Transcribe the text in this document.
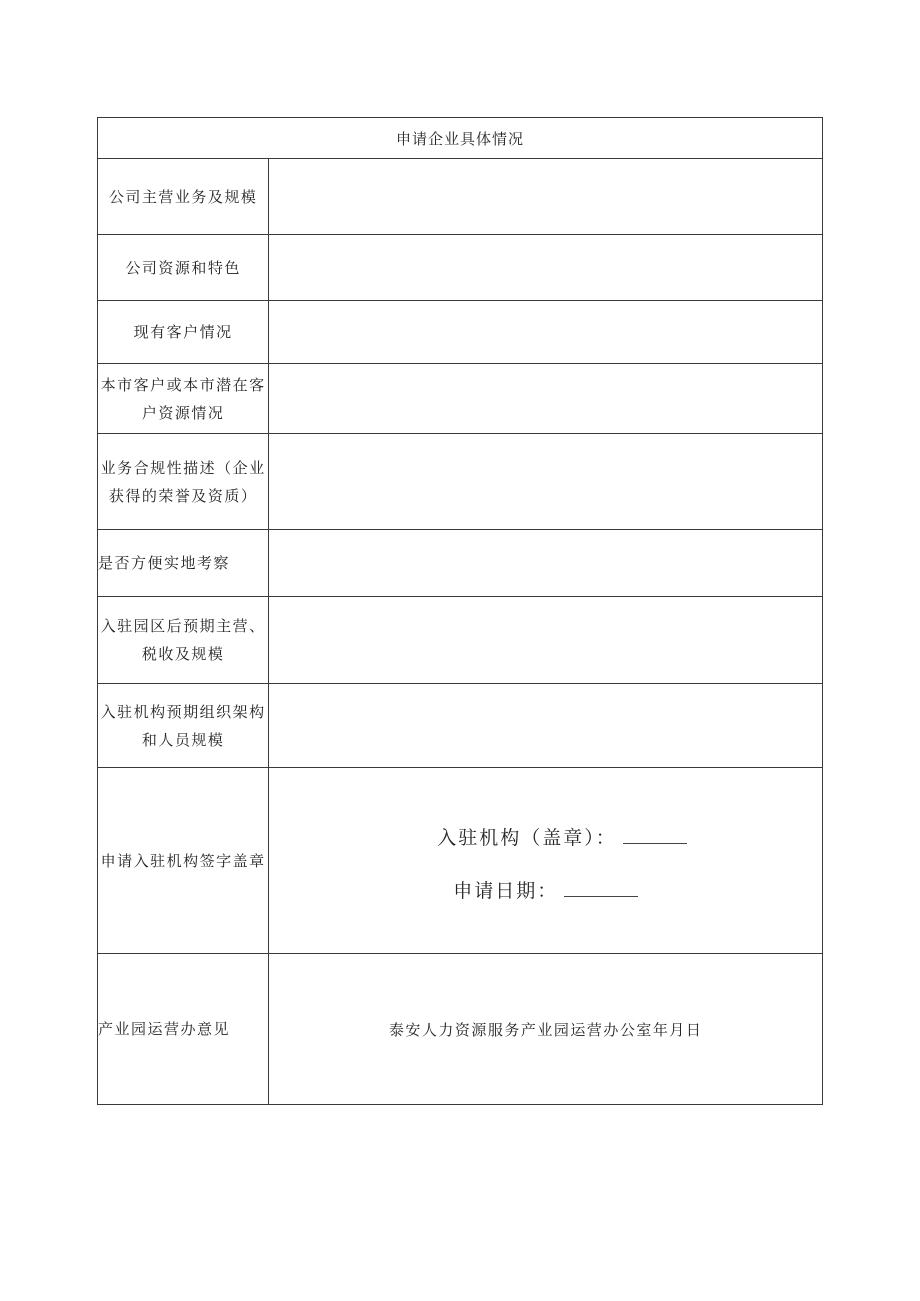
申请企业具体情况	

公司主营业务及规模	

公司资源和特色	

现有客户情况	

本市客户或本市潜在客
户资源情况	

业务合规性描述（企业
获得的荣誉及资质）	

是否方便实地考察	

入驻园区后预期主营、
税收及规模	

入驻机构预期组织架构
和人员规模	

申请入驻机构签字盖章	入驻机构（盖章）：
申请日期：

产业园运营办意见	泰安人力资源服务产业园运营办公室年月日
